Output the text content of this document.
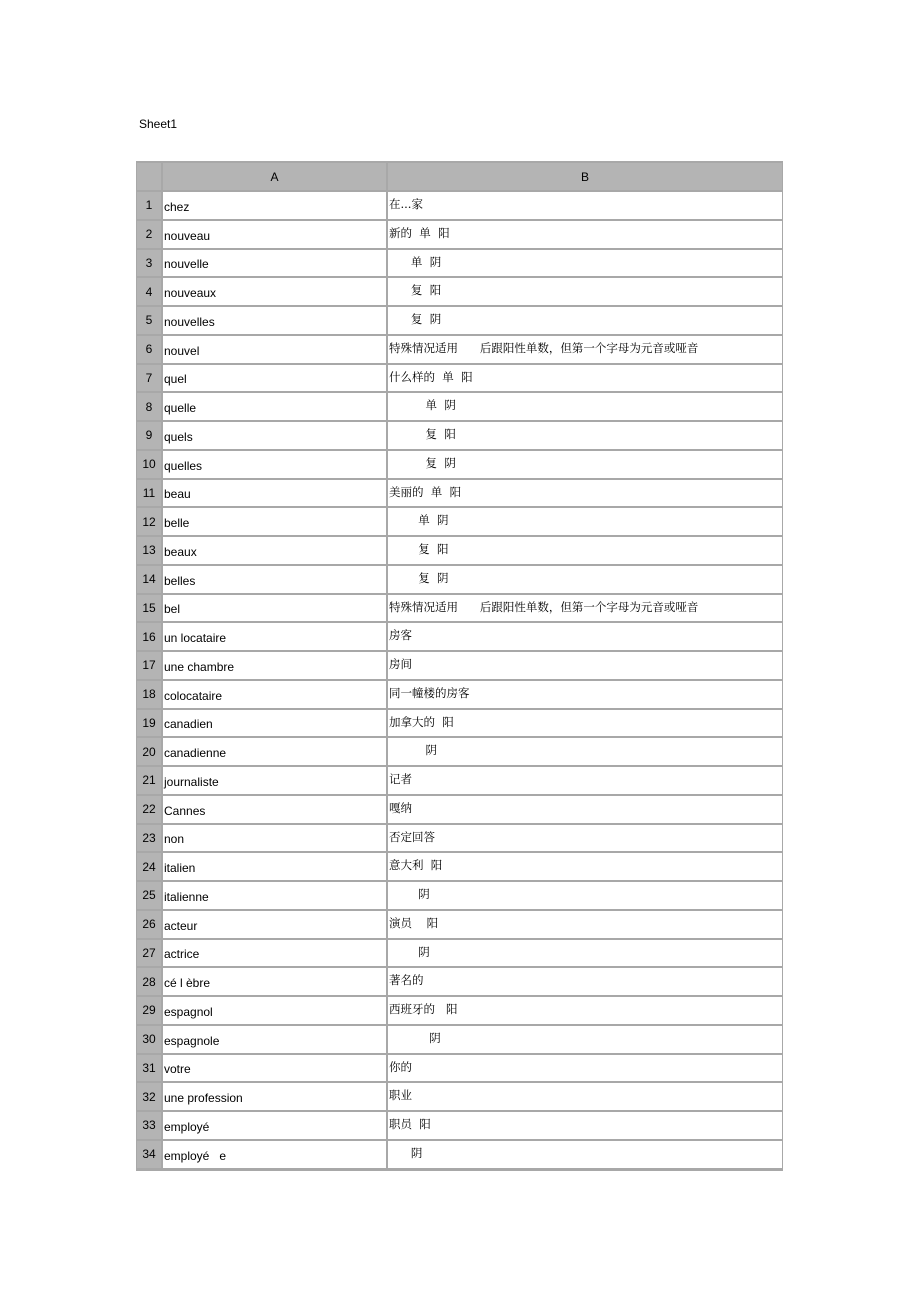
Sheet1
A	B
1 chez	在...家
2 nouveau	新的  单  阳
3 nouvelle	单  阴
4 nouveaux	复  阳
5 nouvelles	复  阴
6 nouvel	特殊情况适用      后跟阳性单数，但第一个字母为元音或哑音
7 quel	什么样的  单  阳
8 quelle	单  阴
9 quels	复  阳
10 quelles	复  阴
11 beau	美丽的  单  阳
12 belle	单  阴
13 beaux	复  阳
14 belles	复  阴
15 bel	特殊情况适用      后跟阳性单数，但第一个字母为元音或哑音
16 un locataire	房客
17 une chambre	房间
18 colocataire	同一幢楼的房客
19 canadien	加拿大的  阳
20 canadienne	阴
21 journaliste	记者
22 Cannes	嘎纳
23 non	否定回答
24 italien	意大利  阳
25 italienne	阴
26 acteur	演员    阳
27 actrice	阴
28 cé l èbre	著名的
29 espagnol	西班牙的   阳
30 espagnole	阴
31 votre	你的
32 une profession	职业
33 employé	职员  阳
34 employé   e	阴
